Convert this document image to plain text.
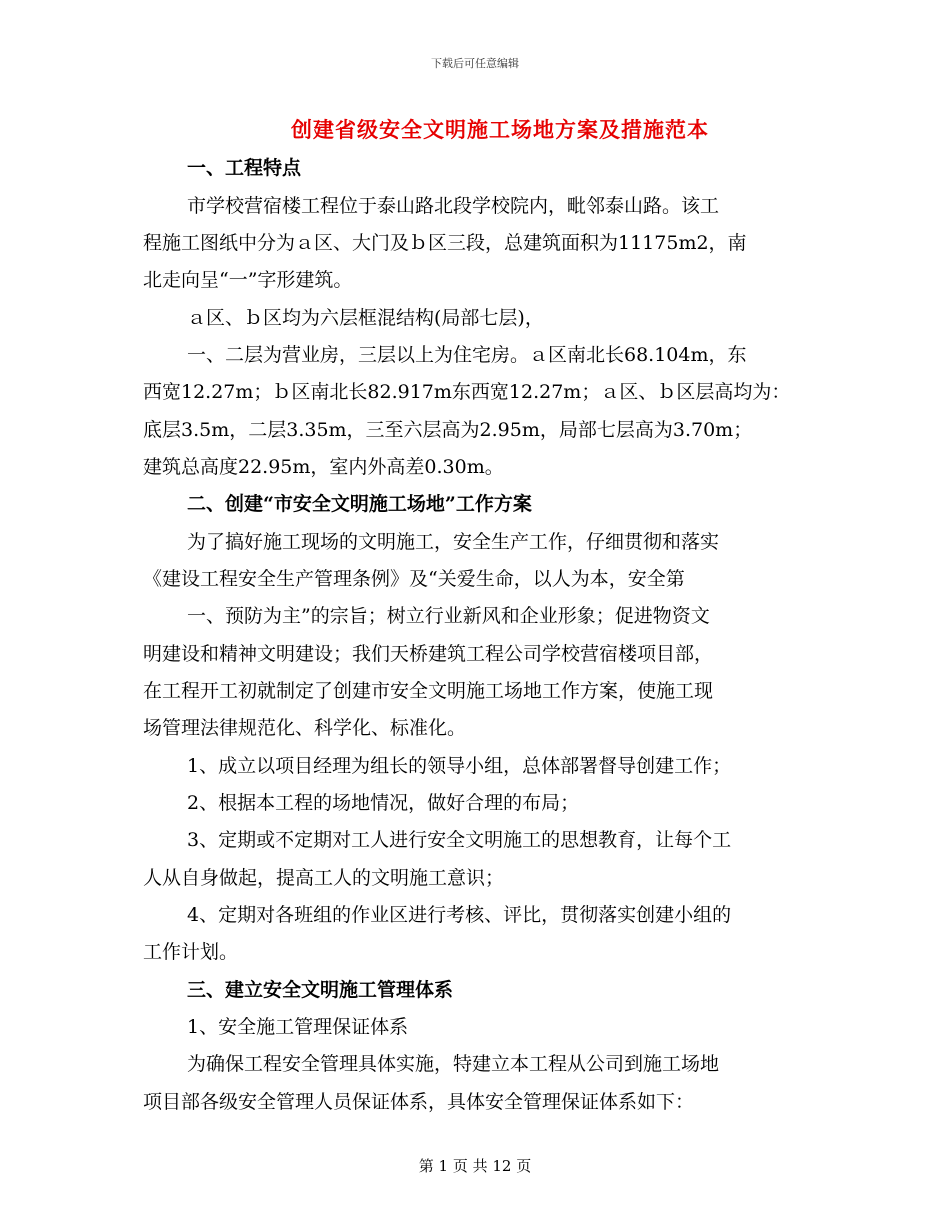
下载后可任意编辑
创建省级安全文明施工场地方案及措施范本
一、工程特点
市学校营宿楼工程位于泰山路北段学校院内，毗邻泰山路。该工
程施工图纸中分为ａ区、大门及ｂ区三段，总建筑面积为11175m2，南
北走向呈“一”字形建筑。
ａ区、ｂ区均为六层框混结构(局部七层)，
一、二层为营业房，三层以上为住宅房。ａ区南北长68.104m，东
西宽12.27m；ｂ区南北长82.917m东西宽12.27m；ａ区、ｂ区层高均为：
底层3.5m，二层3.35m，三至六层高为2.95m，局部七层高为3.70m；
建筑总高度22.95m，室内外高差0.30m。
二、创建“市安全文明施工场地”工作方案
为了搞好施工现场的文明施工，安全生产工作，仔细贯彻和落实
《建设工程安全生产管理条例》及“关爱生命，以人为本，安全第
一、预防为主”的宗旨；树立行业新风和企业形象；促进物资文
明建设和精神文明建设；我们天桥建筑工程公司学校营宿楼项目部，
在工程开工初就制定了创建市安全文明施工场地工作方案，使施工现
场管理法律规范化、科学化、标准化。
1、成立以项目经理为组长的领导小组，总体部署督导创建工作；
2、根据本工程的场地情况，做好合理的布局；
3、定期或不定期对工人进行安全文明施工的思想教育，让每个工
人从自身做起，提高工人的文明施工意识；
4、定期对各班组的作业区进行考核、评比，贯彻落实创建小组的
工作计划。
三、建立安全文明施工管理体系
1、安全施工管理保证体系
为确保工程安全管理具体实施，特建立本工程从公司到施工场地
项目部各级安全管理人员保证体系，具体安全管理保证体系如下：
第 1 页 共 12 页
